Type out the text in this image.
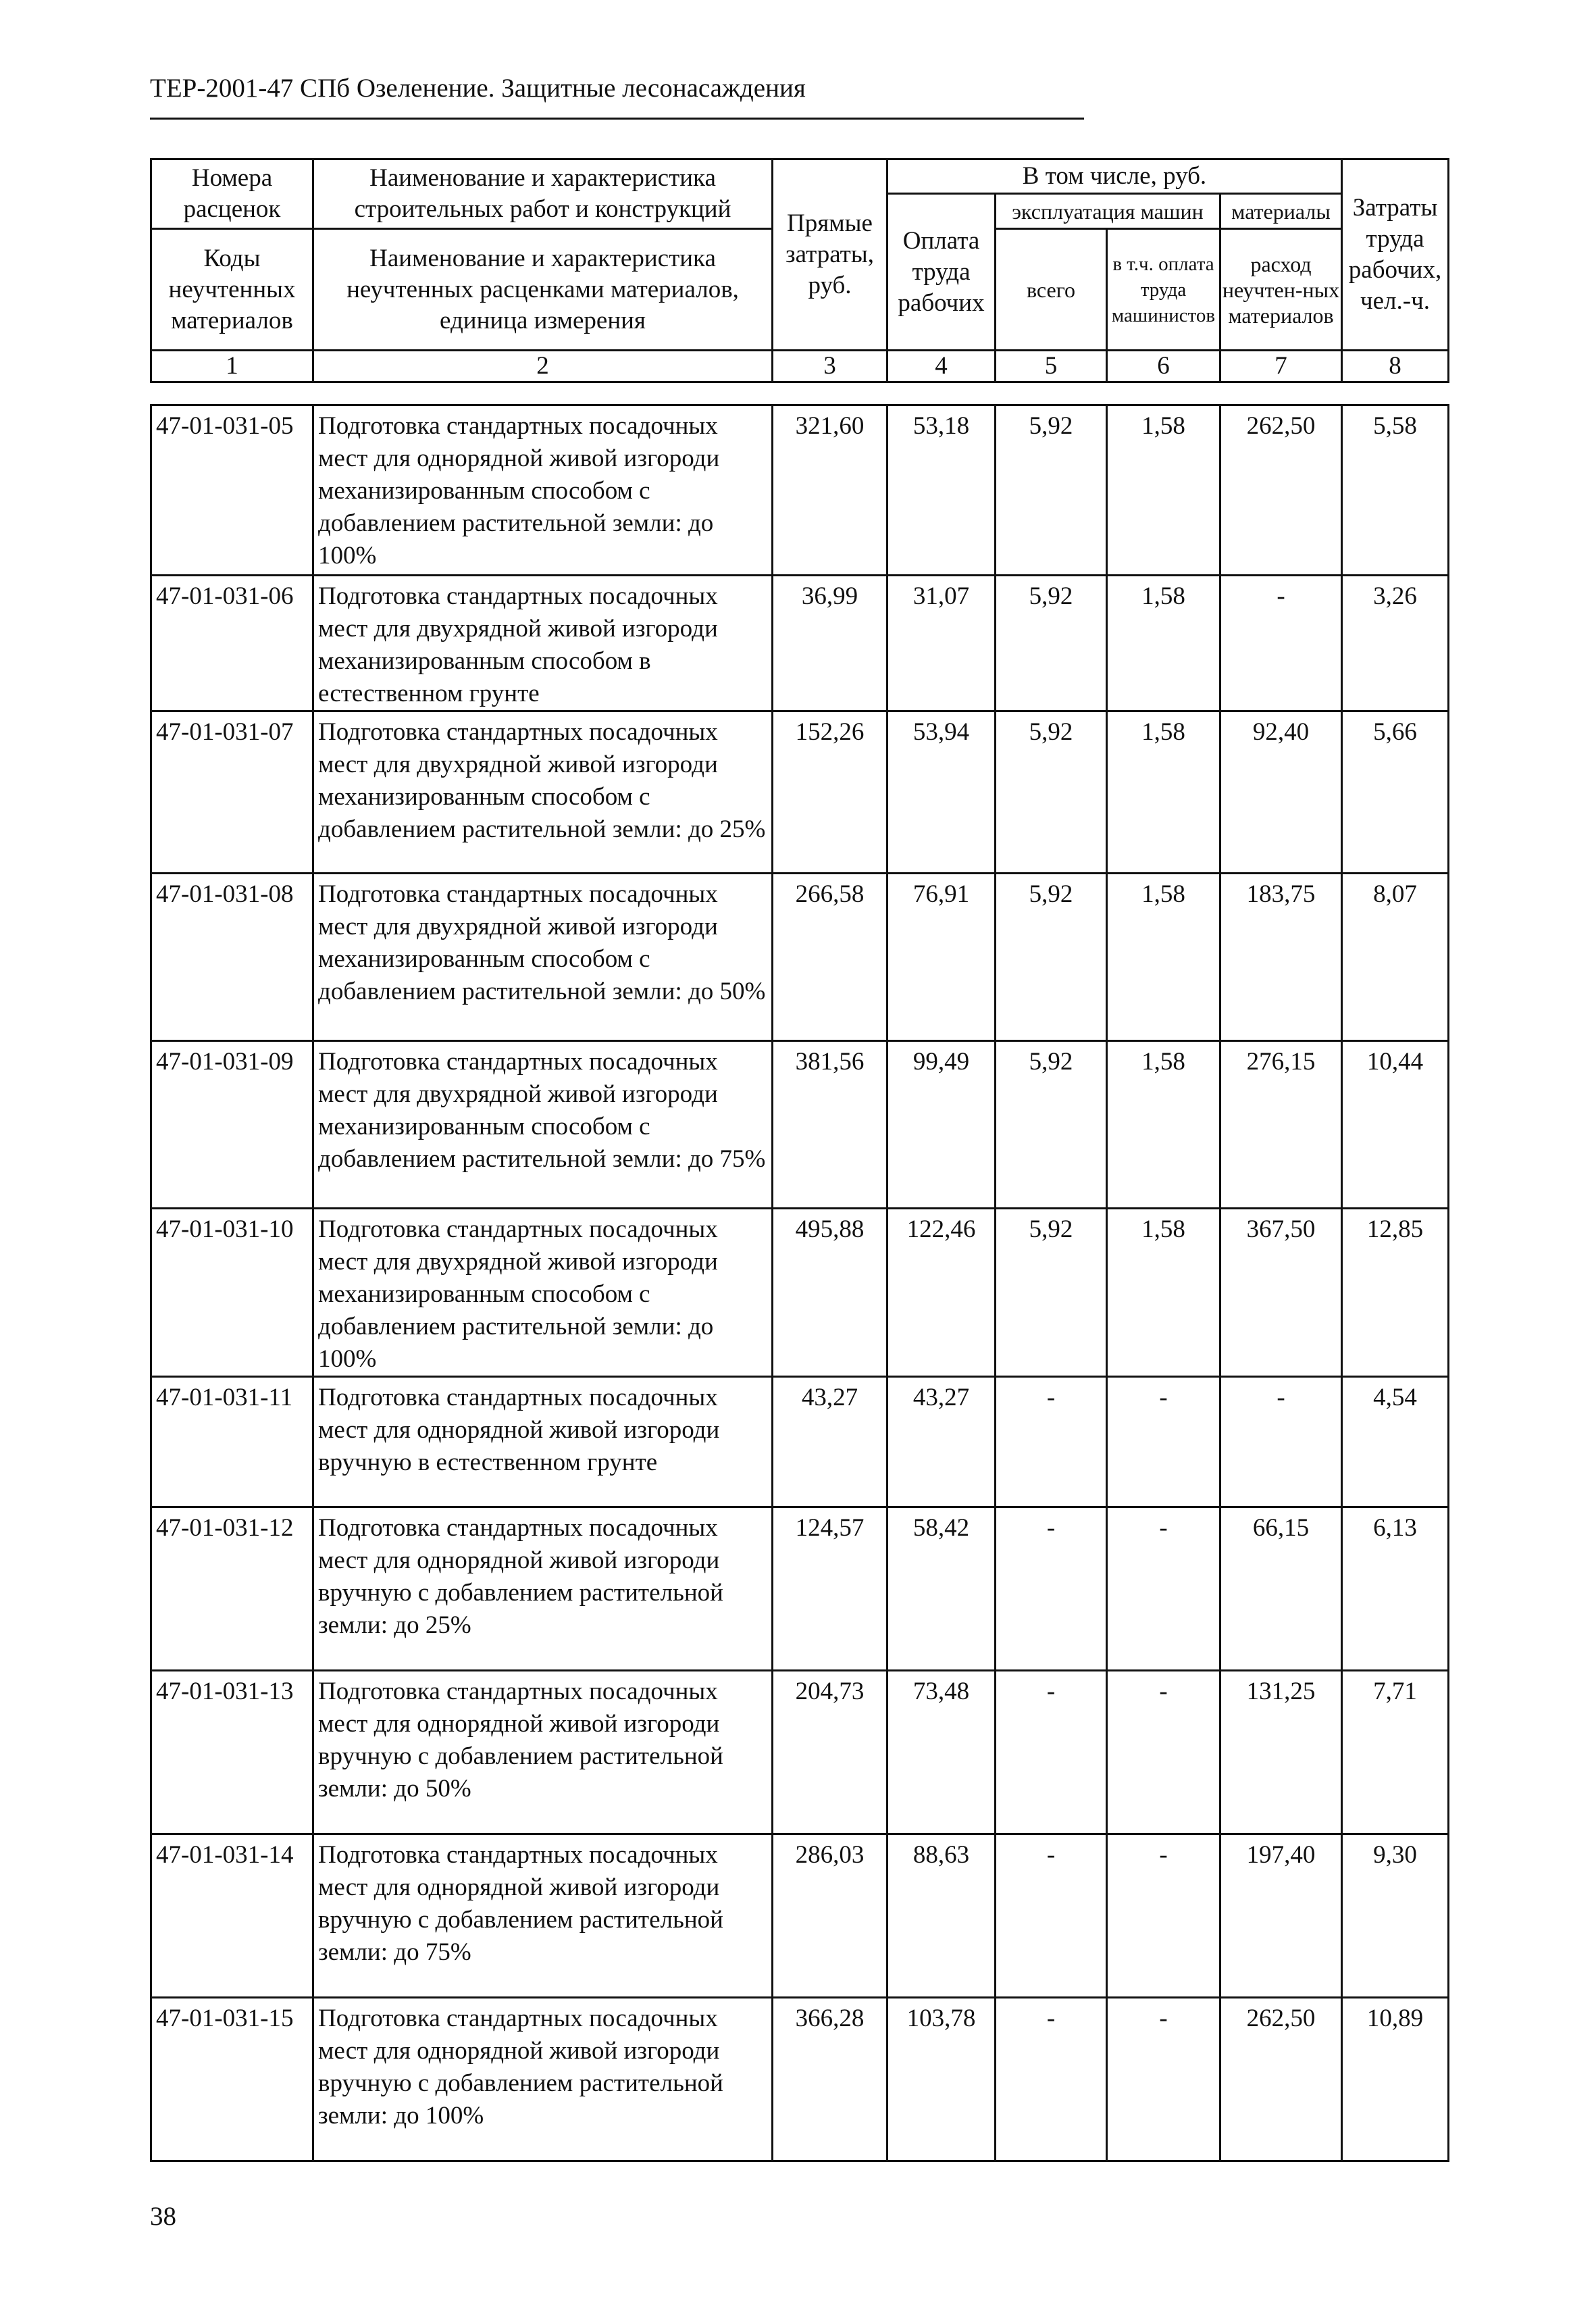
ТЕР-2001-47 СПб Озеленение. Защитные лесонасаждения
Номера расценок	Наименование и характеристика строительных работ и конструкций	Прямые затраты, руб.	В том числе, руб.				Затраты труда рабочих, чел.-ч.
			Оплата труда рабочих	эксплуатация машин		материалы	
Коды неучтенных материалов	Наименование и характеристика неучтенных расценками материалов, единица измерения			всего	в т.ч. оплата труда машинистов	расход неучтен-ных материалов	

1	2	3	4	5	6	7	8
47-01-031-05	Подготовка стандартных посадочных мест для однорядной живой изгороди механизированным способом с добавлением растительной земли: до 100%	321,60	53,18	5,92	1,58	262,50	5,58
47-01-031-06	Подготовка стандартных посадочных мест для двухрядной живой изгороди механизированным способом в естественном грунте	36,99	31,07	5,92	1,58	-	3,26
47-01-031-07	Подготовка стандартных посадочных мест для двухрядной живой изгороди механизированным способом с добавлением растительной земли: до 25%	152,26	53,94	5,92	1,58	92,40	5,66
47-01-031-08	Подготовка стандартных посадочных мест для двухрядной живой изгороди механизированным способом с добавлением растительной земли: до 50%	266,58	76,91	5,92	1,58	183,75	8,07
47-01-031-09	Подготовка стандартных посадочных мест для двухрядной живой изгороди механизированным способом с добавлением растительной земли: до 75%	381,56	99,49	5,92	1,58	276,15	10,44
47-01-031-10	Подготовка стандартных посадочных мест для двухрядной живой изгороди механизированным способом с добавлением растительной земли: до 100%	495,88	122,46	5,92	1,58	367,50	12,85
47-01-031-11	Подготовка стандартных посадочных мест для однорядной живой изгороди вручную в естественном грунте	43,27	43,27	-	-	-	4,54
47-01-031-12	Подготовка стандартных посадочных мест для однорядной живой изгороди вручную с добавлением растительной земли: до 25%	124,57	58,42	-	-	66,15	6,13
47-01-031-13	Подготовка стандартных посадочных мест для однорядной живой изгороди вручную с добавлением растительной земли: до 50%	204,73	73,48	-	-	131,25	7,71
47-01-031-14	Подготовка стандартных посадочных мест для однорядной живой изгороди вручную с добавлением растительной земли: до 75%	286,03	88,63	-	-	197,40	9,30
47-01-031-15	Подготовка стандартных посадочных мест для однорядной живой изгороди вручную с добавлением растительной земли: до 100%	366,28	103,78	-	-	262,50	10,89
38
